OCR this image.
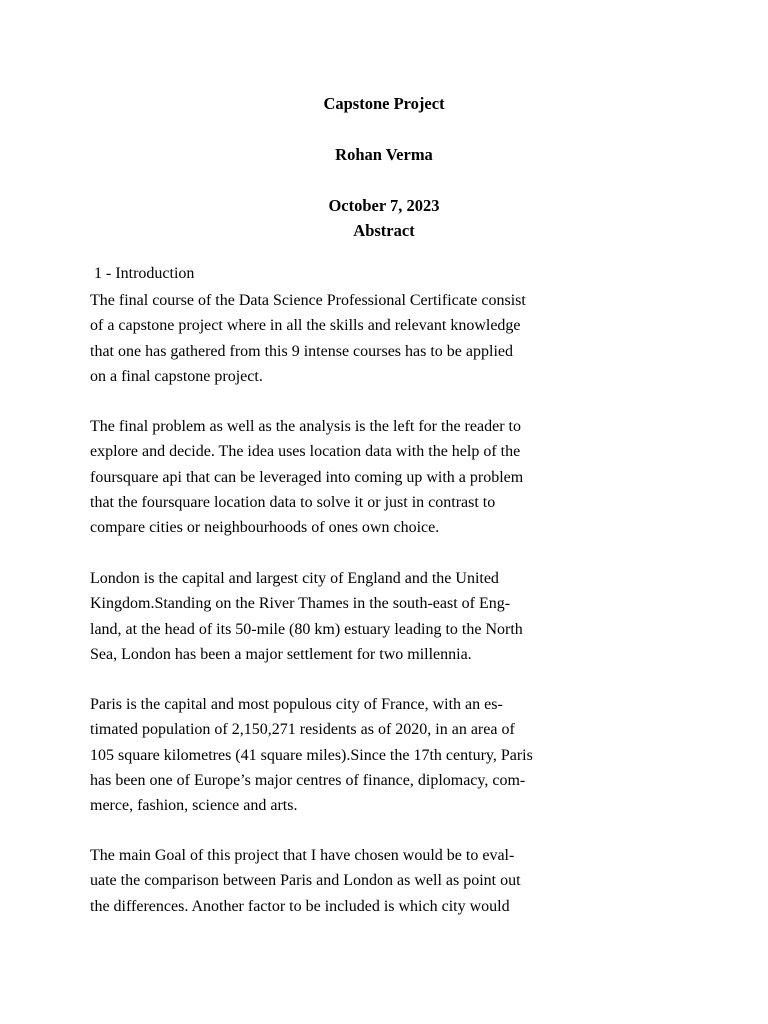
Capstone Project
Rohan Verma
October 7, 2023
Abstract
1 - Introduction
The final course of the Data Science Professional Certificate consist
of a capstone project where in all the skills and relevant knowledge
that one has gathered from this 9 intense courses has to be applied
on a final capstone project.
The final problem as well as the analysis is the left for the reader to
explore and decide. The idea uses location data with the help of the
foursquare api that can be leveraged into coming up with a problem
that the foursquare location data to solve it or just in contrast to
compare cities or neighbourhoods of ones own choice.
London is the capital and largest city of England and the United
Kingdom.Standing on the River Thames in the south-east of Eng-
land, at the head of its 50-mile (80 km) estuary leading to the North
Sea, London has been a major settlement for two millennia.
Paris is the capital and most populous city of France, with an es-
timated population of 2,150,271 residents as of 2020, in an area of
105 square kilometres (41 square miles).Since the 17th century, Paris
has been one of Europe’s major centres of finance, diplomacy, com-
merce, fashion, science and arts.
The main Goal of this project that I have chosen would be to eval-
uate the comparison between Paris and London as well as point out
the differences. Another factor to be included is which city would
